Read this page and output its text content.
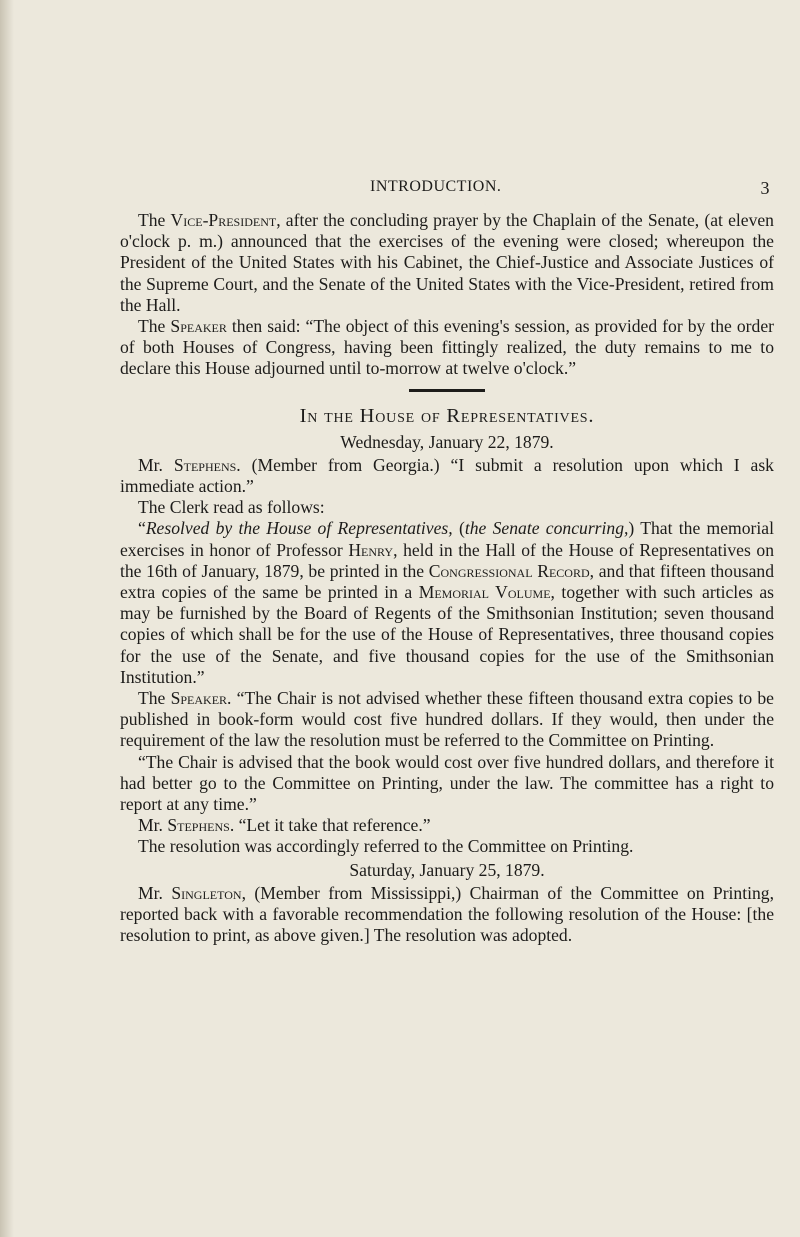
INTRODUCTION.	3

The Vice-President, after the concluding prayer by the Chaplain of the Senate, (at eleven o'clock p. m.) announced that the exercises of the evening were closed; whereupon the President of the United States with his Cabinet, the Chief-Justice and Associate Justices of the Supreme Court, and the Senate of the United States with the Vice-President, retired from the Hall.

The Speaker then said: “The object of this evening's session, as provided for by the order of both Houses of Congress, having been fittingly realized, the duty remains to me to declare this House adjourned until to-morrow at twelve o'clock.”

In the House of Representatives.

Wednesday, January 22, 1879.

Mr. Stephens. (Member from Georgia.) “I submit a resolution upon which I ask immediate action.”

The Clerk read as follows:

“Resolved by the House of Representatives, (the Senate concurring,) That the memorial exercises in honor of Professor Henry, held in the Hall of the House of Representatives on the 16th of January, 1879, be printed in the Congressional Record, and that fifteen thousand extra copies of the same be printed in a Memorial Volume, together with such articles as may be furnished by the Board of Regents of the Smithsonian Institution; seven thousand copies of which shall be for the use of the House of Representatives, three thousand copies for the use of the Senate, and five thousand copies for the use of the Smithsonian Institution.”

The Speaker. “The Chair is not advised whether these fifteen thousand extra copies to be published in book-form would cost five hundred dollars. If they would, then under the requirement of the law the resolution must be referred to the Committee on Printing.

“The Chair is advised that the book would cost over five hundred dollars, and therefore it had better go to the Committee on Printing, under the law. The committee has a right to report at any time.”

Mr. Stephens. “Let it take that reference.”

The resolution was accordingly referred to the Committee on Printing.

Saturday, January 25, 1879.

Mr. Singleton, (Member from Mississippi,) Chairman of the Committee on Printing, reported back with a favorable recommendation the following resolution of the House: [the resolution to print, as above given.] The resolution was adopted.
